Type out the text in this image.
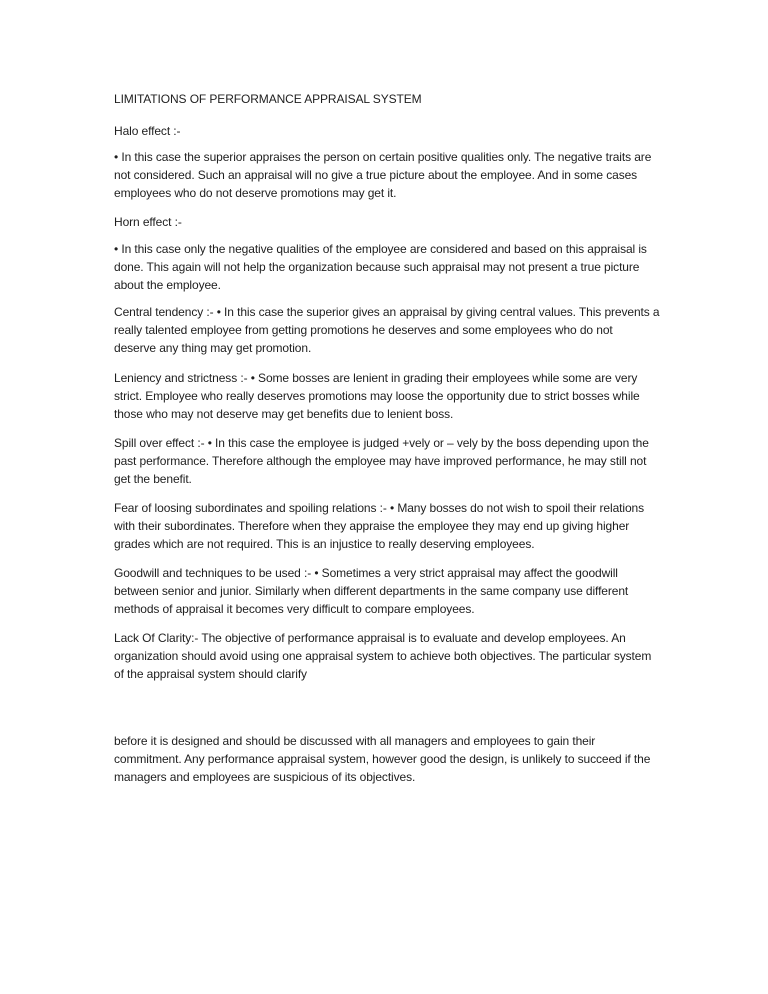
LIMITATIONS OF PERFORMANCE APPRAISAL SYSTEM
Halo effect :-
• In this case the superior appraises the person on certain positive qualities only. The negative traits are
not considered. Such an appraisal will no give a true picture about the employee. And in some cases
employees who do not deserve promotions may get it.
Horn effect :-
• In this case only the negative qualities of the employee are considered and based on this appraisal is
done. This again will not help the organization because such appraisal may not present a true picture
about the employee.
Central tendency :- • In this case the superior gives an appraisal by giving central values. This prevents a
really talented employee from getting promotions he deserves and some employees who do not
deserve any thing may get promotion.
Leniency and strictness :- • Some bosses are lenient in grading their employees while some are very
strict. Employee who really deserves promotions may loose the opportunity due to strict bosses while
those who may not deserve may get benefits due to lenient boss.
Spill over effect :- • In this case the employee is judged +vely or – vely by the boss depending upon the
past performance. Therefore although the employee may have improved performance, he may still not
get the benefit.
Fear of loosing subordinates and spoiling relations :- • Many bosses do not wish to spoil their relations
with their subordinates. Therefore when they appraise the employee they may end up giving higher
grades which are not required. This is an injustice to really deserving employees.
Goodwill and techniques to be used :- • Sometimes a very strict appraisal may affect the goodwill
between senior and junior. Similarly when different departments in the same company use different
methods of appraisal it becomes very difficult to compare employees.
Lack Of Clarity:- The objective of performance appraisal is to evaluate and develop employees. An
organization should avoid using one appraisal system to achieve both objectives. The particular system
of the appraisal system should clarify
before it is designed and should be discussed with all managers and employees to gain their
commitment. Any performance appraisal system, however good the design, is unlikely to succeed if the
managers and employees are suspicious of its objectives.
